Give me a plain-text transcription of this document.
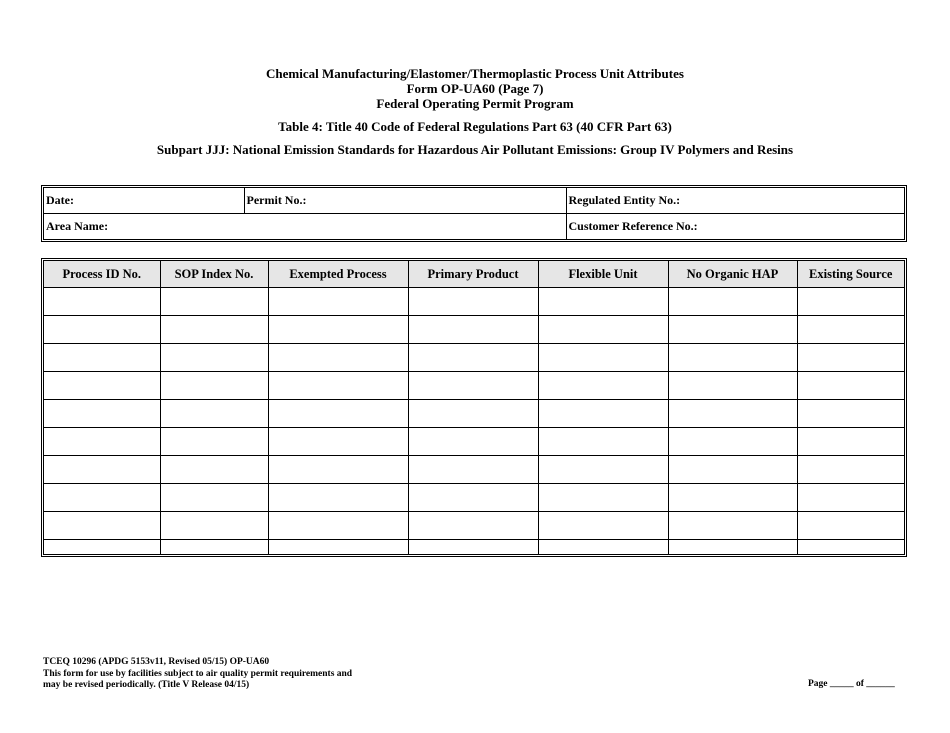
Chemical Manufacturing/Elastomer/Thermoplastic Process Unit Attributes
Form OP-UA60 (Page 7)
Federal Operating Permit Program
Table 4: Title 40 Code of Federal Regulations Part 63 (40 CFR Part 63)
Subpart JJJ: National Emission Standards for Hazardous Air Pollutant Emissions: Group IV Polymers and Resins
Date:	Permit No.:	Regulated Entity No.:
Area Name:		Customer Reference No.:
Process ID No.	SOP Index No.	Exempted Process	Primary Product	Flexible Unit	No Organic HAP	Existing Source

TCEQ 10296 (APDG 5153v11, Revised 05/15) OP-UA60
This form for use by facilities subject to air quality permit requirements and
may be revised periodically. (Title V Release 04/15)	Page _____ of ______
